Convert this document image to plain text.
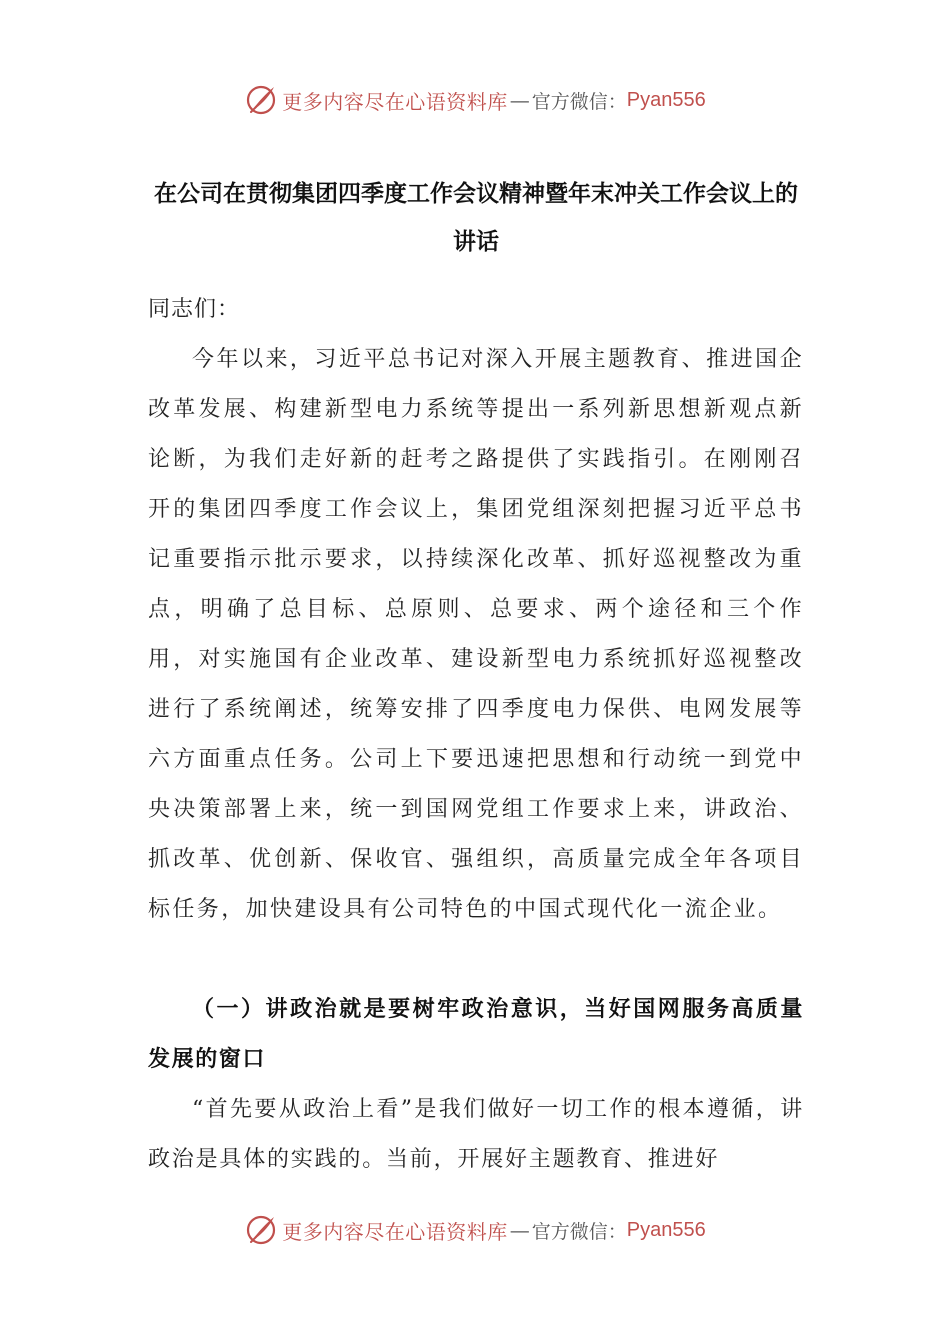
更多内容尽在心语资料库 — 官方微信： Pyan556
在公司在贯彻集团四季度工作会议精神暨年末冲关工作会议上的讲话
同志们：
今年以来，习近平总书记对深入开展主题教育、推进国企改革发展、构建新型电力系统等提出一系列新思想新观点新论断，为我们走好新的赶考之路提供了实践指引。在刚刚召开的集团四季度工作会议上，集团党组深刻把握习近平总书记重要指示批示要求，以持续深化改革、抓好巡视整改为重点，明确了总目标、总原则、总要求、两个途径和三个作用，对实施国有企业改革、建设新型电力系统抓好巡视整改进行了系统阐述，统筹安排了四季度电力保供、电网发展等六方面重点任务。公司上下要迅速把思想和行动统一到党中央决策部署上来，统一到国网党组工作要求上来，讲政治、抓改革、优创新、保收官、强组织，高质量完成全年各项目标任务，加快建设具有公司特色的中国式现代化一流企业。
（一）讲政治就是要树牢政治意识，当好国网服务高质量发展的窗口
“首先要从政治上看”是我们做好一切工作的根本遵循，讲政治是具体的实践的。当前，开展好主题教育、推进好
更多内容尽在心语资料库 — 官方微信： Pyan556
